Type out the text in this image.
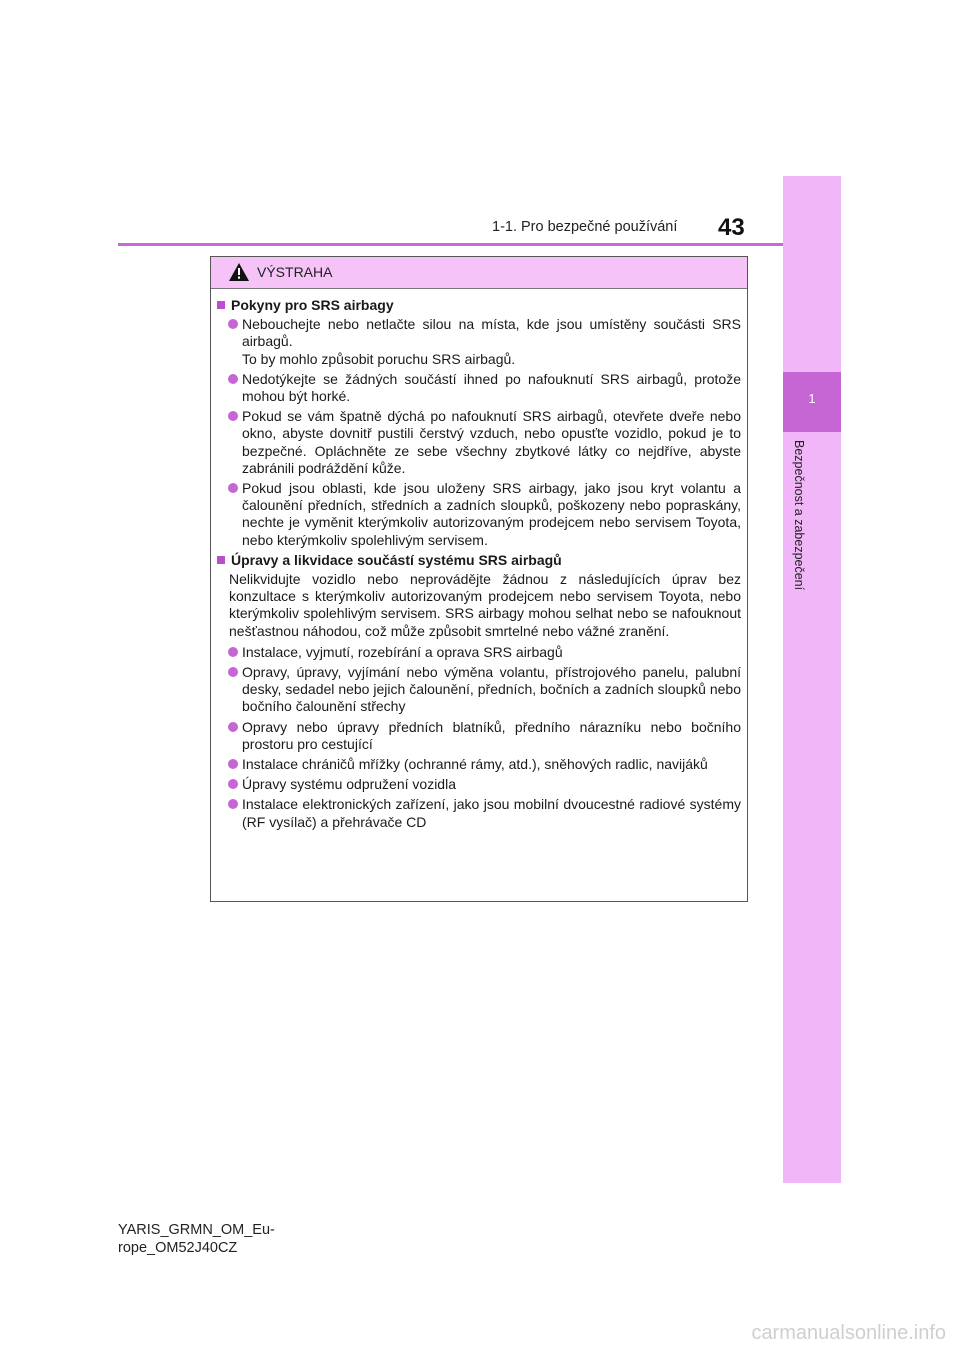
1
Bezpečnost a zabezpečení
1-1. Pro bezpečné používání 43
VÝSTRAHA
Pokyny pro SRS airbagy
Nebouchejte nebo netlačte silou na místa, kde jsou umístěny součásti SRS airbagů.
To by mohlo způsobit poruchu SRS airbagů.
Nedotýkejte se žádných součástí ihned po nafouknutí SRS airbagů, protože mohou být horké.
Pokud se vám špatně dýchá po nafouknutí SRS airbagů, otevřete dveře nebo okno, abyste dovnitř pustili čerstvý vzduch, nebo opusťte vozidlo, pokud je to bezpečné. Opláchněte ze sebe všechny zbytkové látky co nejdříve, abyste zabránili podráždění kůže.
Pokud jsou oblasti, kde jsou uloženy SRS airbagy, jako jsou kryt volantu a čalounění předních, středních a zadních sloupků, poškozeny nebo popraskány, nechte je vyměnit kterýmkoliv autorizovaným prodejcem nebo servisem Toyota, nebo kterýmkoliv spolehlivým servisem.
Úpravy a likvidace součástí systému SRS airbagů
Nelikvidujte vozidlo nebo neprovádějte žádnou z následujících úprav bez konzultace s kterýmkoliv autorizovaným prodejcem nebo servisem Toyota, nebo kterýmkoliv spolehlivým servisem. SRS airbagy mohou selhat nebo se nafouknout nešťastnou náhodou, což může způsobit smrtelné nebo vážné zranění.
Instalace, vyjmutí, rozebírání a oprava SRS airbagů
Opravy, úpravy, vyjímání nebo výměna volantu, přístrojového panelu, palubní desky, sedadel nebo jejich čalounění, předních, bočních a zadních sloupků nebo bočního čalounění střechy
Opravy nebo úpravy předních blatníků, předního nárazníku nebo bočního prostoru pro cestující
Instalace chráničů mřížky (ochranné rámy, atd.), sněhových radlic, navijáků
Úpravy systému odpružení vozidla
Instalace elektronických zařízení, jako jsou mobilní dvoucestné radiové systémy (RF vysílač) a přehrávače CD
YARIS_GRMN_OM_Eu-
rope_OM52J40CZ
carmanualsonline.info
